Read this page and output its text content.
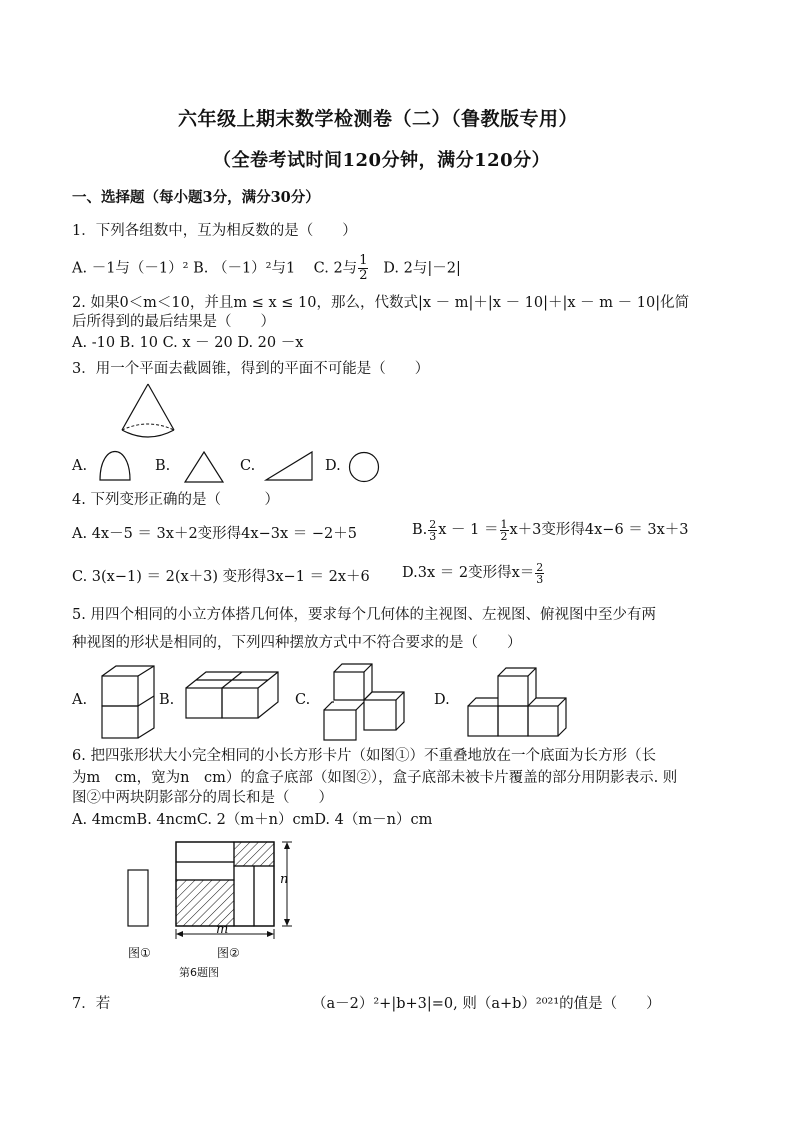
六年级上期末数学检测卷（二）（鲁教版专用）
（全卷考试时间120分钟，满分120分）
一、选择题（每小题3分，满分30分）
1．下列各组数中，互为相反数的是（　　）
A. －1与（－1）² B. （－1）²与1 C. 2与 $\frac{1}{2} D$. 2与|－2|
2. 如果0＜m＜10，并且m ≤ x ≤ 10，那么，代数式|x － m|＋|x － 10|＋|x － m － 10|化简
后所得到的最后结果是（　　）
A. -10 B. 10 C. x － 20 D. 20 －x
3．用一个平面去截圆锥，得到的平面不可能是（　　）
A.	B.	C.	D.
4. 下列变形正确的是（　　　）
A. 4x－5 ＝ 3x＋2变形得4x−3x ＝ −2＋5	B. $\frac{2}{3}$ $x - 1 = \frac{1}{2} x+3$变形得4x−6 ＝ 3x＋3
C. 3(x−1) ＝ 2(x＋3) 变形得3x−1 ＝ 2x＋6 D.3x ＝ 2变形得$x= \frac{2}{3}$
5. 用四个相同的小立方体搭几何体，要求每个几何体的主视图、左视图、俯视图中至少有两
种视图的形状是相同的，下列四种摆放方式中不符合要求的是（　　）
A.	B.	C.	D.
6. 把四张形状大小完全相同的小长方形卡片（如图①）不重叠地放在一个底面为长方形（长
为m　cm，宽为n　cm）的盒子底部（如图②），盒子底部未被卡片覆盖的部分用阴影表示. 则
图②中两块阴影部分的周长和是（　　）
A. 4mcmB. 4ncmC. 2（m＋n）cmD. 4（m－n）cm
n
m
图①	图②
第6题图
7．若	（a－2）²+|b+3|=0, 则（a+b）²⁰²¹的值是（　　）
